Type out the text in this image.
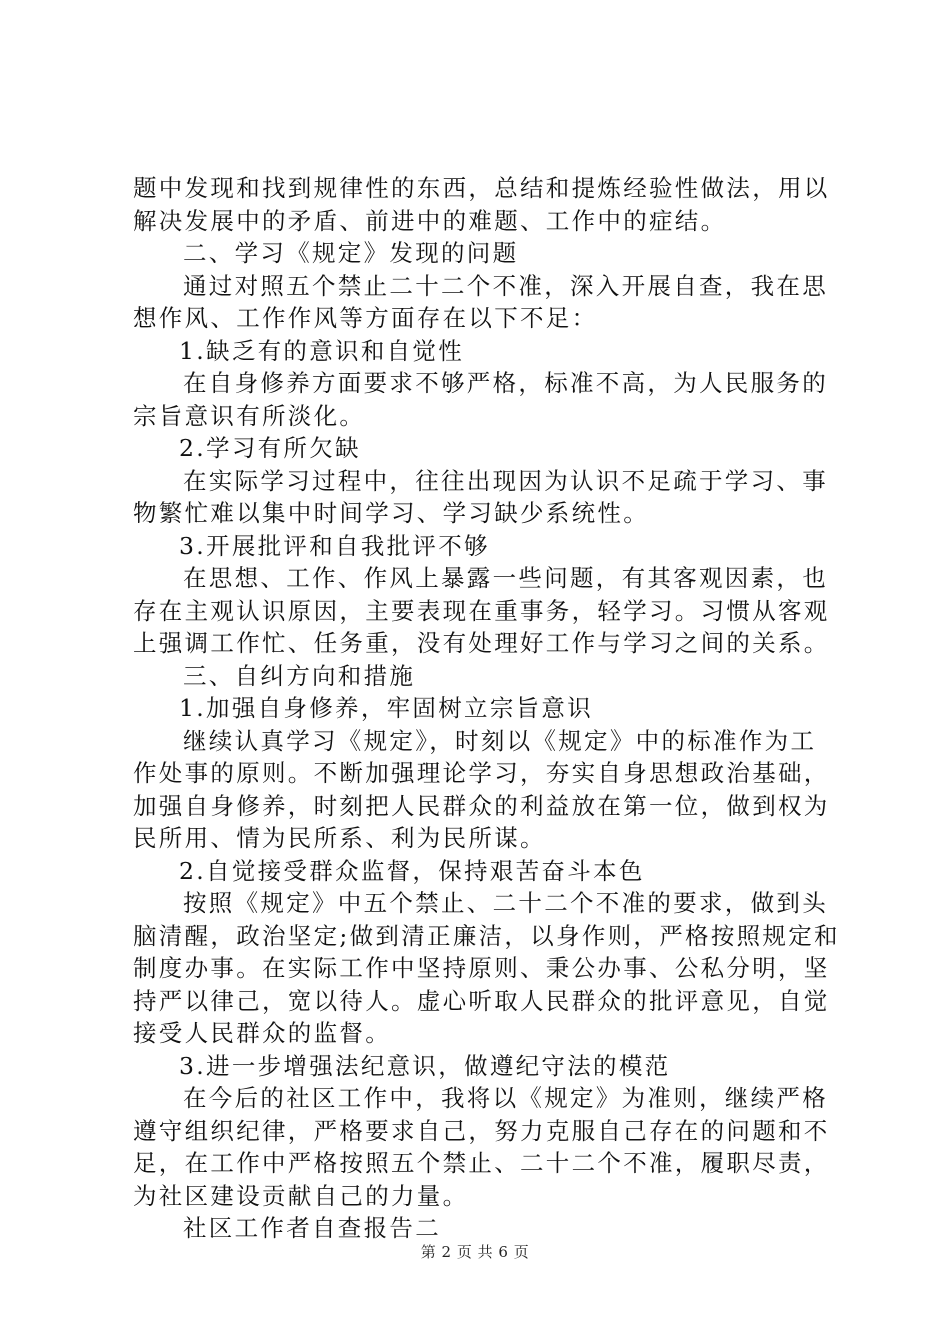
题中发现和找到规律性的东西，总结和提炼经验性做法，用以
解决发展中的矛盾、前进中的难题、工作中的症结。
二、学习《规定》发现的问题
通过对照五个禁止二十二个不准，深入开展自查，我在思
想作风、工作作风等方面存在以下不足：
1.缺乏有的意识和自觉性
在自身修养方面要求不够严格，标准不高，为人民服务的
宗旨意识有所淡化。
2.学习有所欠缺
在实际学习过程中，往往出现因为认识不足疏于学习、事
物繁忙难以集中时间学习、学习缺少系统性。
3.开展批评和自我批评不够
在思想、工作、作风上暴露一些问题，有其客观因素，也
存在主观认识原因，主要表现在重事务，轻学习。习惯从客观
上强调工作忙、任务重，没有处理好工作与学习之间的关系。
三、自纠方向和措施
1.加强自身修养，牢固树立宗旨意识
继续认真学习《规定》，时刻以《规定》中的标准作为工
作处事的原则。不断加强理论学习，夯实自身思想政治基础，
加强自身修养，时刻把人民群众的利益放在第一位，做到权为
民所用、情为民所系、利为民所谋。
2.自觉接受群众监督，保持艰苦奋斗本色
按照《规定》中五个禁止、二十二个不准的要求，做到头
脑清醒，政治坚定;做到清正廉洁，以身作则，严格按照规定和
制度办事。在实际工作中坚持原则、秉公办事、公私分明，坚
持严以律己，宽以待人。虚心听取人民群众的批评意见，自觉
接受人民群众的监督。
3.进一步增强法纪意识，做遵纪守法的模范
在今后的社区工作中，我将以《规定》为准则，继续严格
遵守组织纪律，严格要求自己，努力克服自己存在的问题和不
足，在工作中严格按照五个禁止、二十二个不准，履职尽责，
为社区建设贡献自己的力量。
社区工作者自查报告二
第 2 页 共 6 页
